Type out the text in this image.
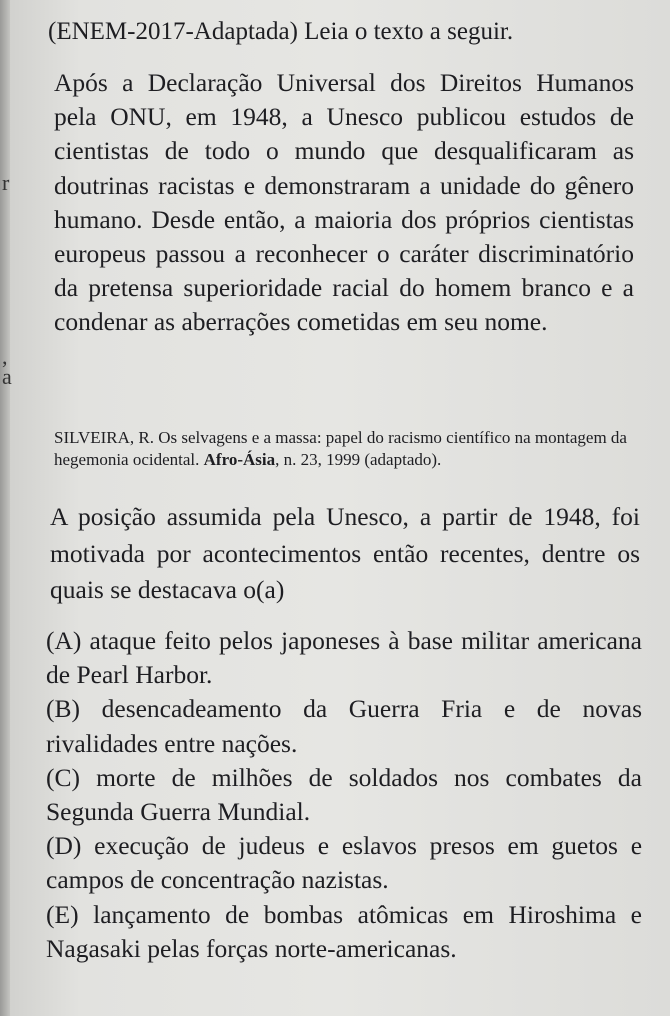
r
,
a
(ENEM-2017-Adaptada) Leia o texto a seguir.
Após a Declaração Universal dos Direitos Humanos pela ONU, em 1948, a Unesco publicou estudos de cientistas de todo o mundo que desqualificaram as doutrinas racistas e demonstraram a unidade do gênero humano. Desde então, a maioria dos próprios cientistas europeus passou a reconhecer o caráter discriminatório da pretensa superioridade racial do homem branco e a condenar as aberrações cometidas em seu nome.
SILVEIRA, R. Os selvagens e a massa: papel do racismo científico na montagem da hegemonia ocidental. Afro-Ásia, n. 23, 1999 (adaptado).
A posição assumida pela Unesco, a partir de 1948, foi motivada por acontecimentos então recentes, dentre os quais se destacava o(a)
(A) ataque feito pelos japoneses à base militar americana de Pearl Harbor.
(B) desencadeamento da Guerra Fria e de novas rivalidades entre nações.
(C) morte de milhões de soldados nos combates da Segunda Guerra Mundial.
(D) execução de judeus e eslavos presos em guetos e campos de concentração nazistas.
(E) lançamento de bombas atômicas em Hiroshima e Nagasaki pelas forças norte-americanas.
